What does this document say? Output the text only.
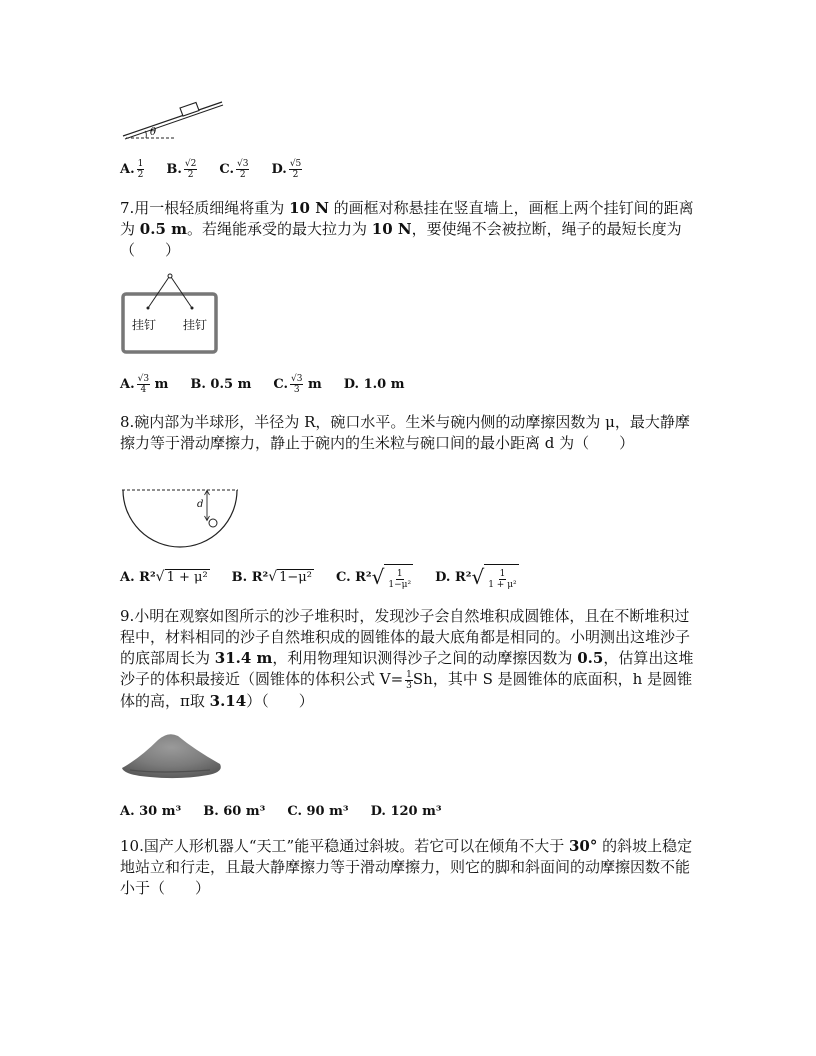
θ
A. $\frac{1}{2} B$. $\frac{√2}{2} C$. $\frac{√3}{2} D$. $\frac{√5}{2}$
7.用一根轻质细绳将重为 10 N 的画框对称悬挂在竖直墙上，画框上两个挂钉间的距离为 0.5 m。若绳能承受的最大拉力为 10 N，要使绳不会被拉断，绳子的最短长度为（　　）
挂钉 挂钉
A. $\frac{√3}{4}$
m B. 0.5 m C. $\frac{√3}{3}$
m D. 1.0 m
8.碗内部为半球形，半径为 R，碗口水平。生米与碗内侧的动摩擦因数为 μ，最大静摩擦力等于滑动摩擦力，静止于碗内的生米粒与碗口间的最小距离 d 为（　　）
d
A. R² √ 1 + μ² B. R² √ 1−μ² C. R² √ $\frac{1}{\text{1−μ²}} D$. R² √ $\frac{1}{\text{1 + μ²}}$
9.小明在观察如图所示的沙子堆积时，发现沙子会自然堆积成圆锥体，且在不断堆积过程中，材料相同的沙子自然堆积成的圆锥体的最大底角都是相同的。小明测出这堆沙子的底部周长为 31.4 m，利用物理知识测得沙子之间的动摩擦因数为 0.5，估算出这堆沙子的体积最接近（圆锥体的体积公式 $V= \frac{1}{3}$ Sh，其中 S 是圆锥体的底面积，h 是圆锥体的高，π取 3.14）（　　）
A. 30 m³ B. 60 m³ C. 90 m³ D. 120 m³
10.国产人形机器人“天工”能平稳通过斜坡。若它可以在倾角不大于 30° 的斜坡上稳定地站立和行走，且最大静摩擦力等于滑动摩擦力，则它的脚和斜面间的动摩擦因数不能小于（　　）
